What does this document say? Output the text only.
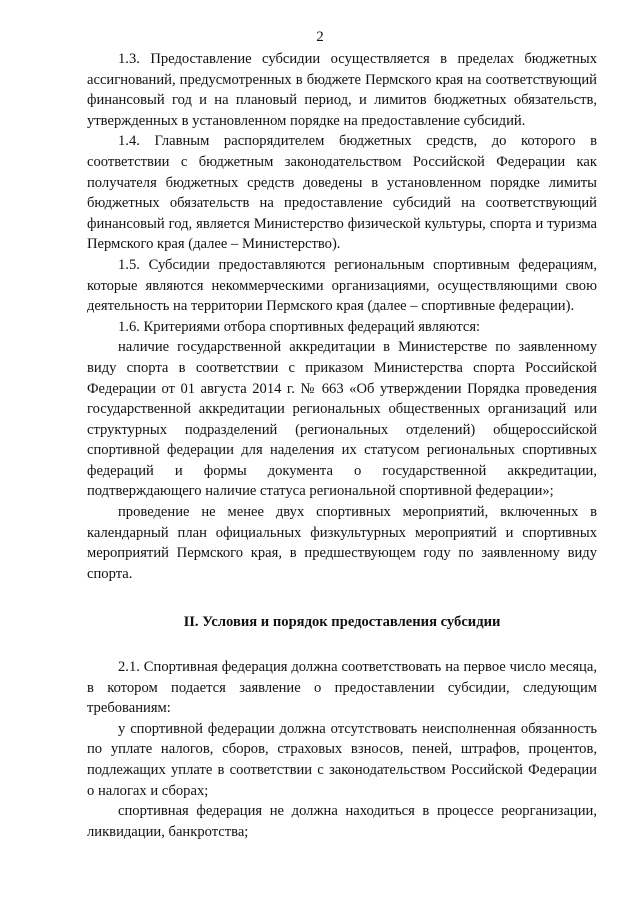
2

1.3. Предоставление субсидии осуществляется в пределах бюджетных ассигнований, предусмотренных в бюджете Пермского края на соответствующий финансовый год и на плановый период, и лимитов бюджетных обязательств, утвержденных в установленном порядке на предоставление субсидий.

1.4. Главным распорядителем бюджетных средств, до которого в соответствии с бюджетным законодательством Российской Федерации как получателя бюджетных средств доведены в установленном порядке лимиты бюджетных обязательств на предоставление субсидий на соответствующий финансовый год, является Министерство физической культуры, спорта и туризма Пермского края (далее – Министерство).

1.5. Субсидии предоставляются региональным спортивным федерациям, которые являются некоммерческими организациями, осуществляющими свою деятельность на территории Пермского края (далее – спортивные федерации).

1.6. Критериями отбора спортивных федераций являются:

наличие государственной аккредитации в Министерстве по заявленному виду спорта в соответствии с приказом Министерства спорта Российской Федерации от 01 августа 2014 г. № 663 «Об утверждении Порядка проведения государственной аккредитации региональных общественных организаций или структурных подразделений (региональных отделений) общероссийской спортивной федерации для наделения их статусом региональных спортивных федераций и формы документа о государственной аккредитации, подтверждающего наличие статуса региональной спортивной федерации»;

проведение не менее двух спортивных мероприятий, включенных в календарный план официальных физкультурных мероприятий и спортивных мероприятий Пермского края, в предшествующем году по заявленному виду спорта.

II. Условия и порядок предоставления субсидии

2.1. Спортивная федерация должна соответствовать на первое число месяца, в котором подается заявление о предоставлении субсидии, следующим требованиям:

у спортивной федерации должна отсутствовать неисполненная обязанность по уплате налогов, сборов, страховых взносов, пеней, штрафов, процентов, подлежащих уплате в соответствии с законодательством Российской Федерации о налогах и сборах;

спортивная федерация не должна находиться в процессе реорганизации, ликвидации, банкротства;
